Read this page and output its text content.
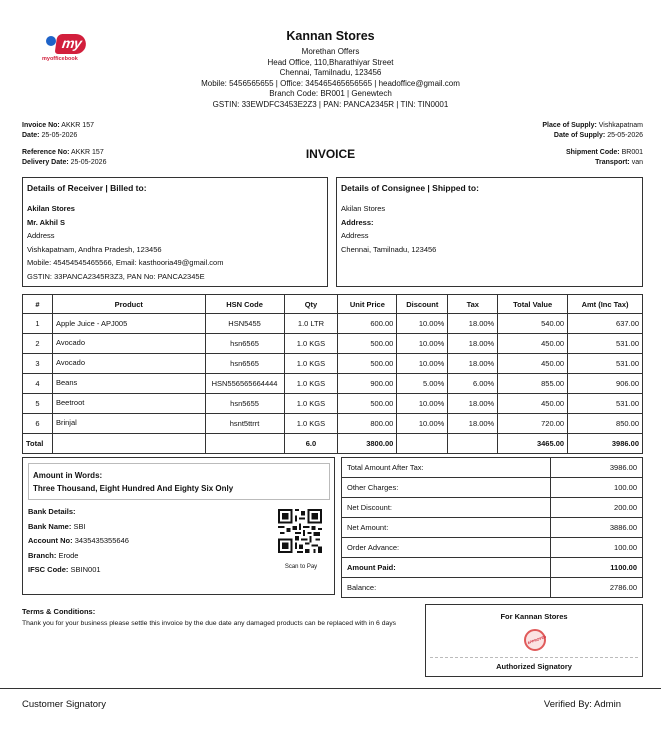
my
myofficebook
Kannan Stores
Morethan Offers
Head Office, 110,Bharathiyar Street
Chennai, Tamilnadu, 123456
Mobile: 5456565655 | Office: 345465465656565 | headoffice@gmail.com
Branch Code: BR001 | Genewtech
GSTIN: 33EWDFC3453E2Z3 | PAN: PANCA2345R | TIN: TIN0001
Invoice No: AKKR 157
Date: 25-05-2026
Place of Supply: Vishkapatnam
Date of Supply: 25-05-2026
Reference No: AKKR 157
Delivery Date: 25-05-2026
INVOICE	Shipment Code: BR001
Transport: van
Details of Receiver | Billed to:
Akilan Stores
Mr. Akhil S
Address
Vishkapatnam, Andhra Pradesh, 123456
Mobile: 45454545465566, Email: kasthooria49@gmail.com
GSTIN: 33PANCA2345R3Z3, PAN No: PANCA2345E
Details of Consignee | Shipped to:
Akilan Stores
Address:
Address
Chennai, Tamilnadu, 123456
#	Product	HSN Code	Qty	Unit Price	Discount	Tax	Total Value	Amt (Inc Tax)
1	Apple Juice - APJ005	HSN5455	1.0 LTR	600.00	10.00%	18.00%	540.00	637.00
2	Avocado	hsn6565	1.0 KGS	500.00	10.00%	18.00%	450.00	531.00
3	Avocado	hsn6565	1.0 KGS	500.00	10.00%	18.00%	450.00	531.00
4	Beans	HSN556565664444	1.0 KGS	900.00	5.00%	6.00%	855.00	906.00
5	Beetroot	hsn5655	1.0 KGS	500.00	10.00%	18.00%	450.00	531.00
6	Brinjal	hsnt5ttrrt	1.0 KGS	800.00	10.00%	18.00%	720.00	850.00
Total			6.0	3800.00			3465.00	3986.00
Amount in Words:
Three Thousand, Eight Hundred And Eighty Six Only
Bank Details:
Bank Name: SBI
Account No: 3435435355646
Branch: Erode
IFSC Code: SBIN001	Scan to Pay
Total Amount After Tax:	3986.00
Other Charges:	100.00
Net Discount:	200.00
Net Amount:	3886.00
Order Advance:	100.00
Amount Paid:	1100.00
Balance:	2786.00
Terms & Conditions:
Thank you for your business please settle this invoice by the due date any damaged products can be replaced with in 6 days
For Kannan Stores
APPROVED
Authorized Signatory
Customer Signatory	Verified By: Admin
